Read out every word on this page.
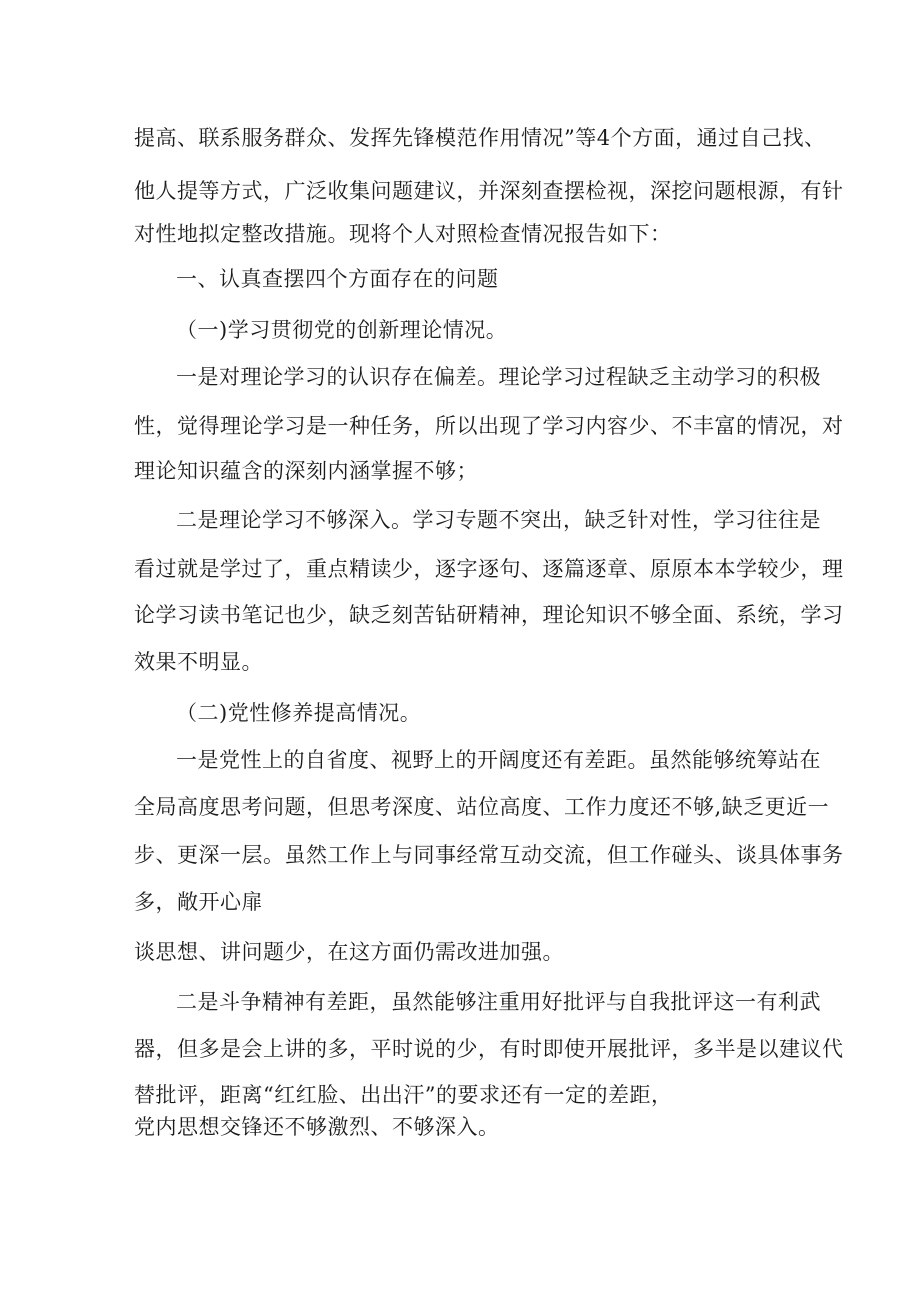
提高、联系服务群众、发挥先锋模范作用情况”等4个方面，通过自己找、
他人提等方式，广泛收集问题建议，并深刻查摆检视，深挖问题根源，有针
对性地拟定整改措施。现将个人对照检查情况报告如下：
一、认真查摆四个方面存在的问题
（一)学习贯彻党的创新理论情况。
一是对理论学习的认识存在偏差。理论学习过程缺乏主动学习的积极
性，觉得理论学习是一种任务，所以出现了学习内容少、不丰富的情况，对
理论知识蕴含的深刻内涵掌握不够；
二是理论学习不够深入。学习专题不突出，缺乏针对性，学习往往是
看过就是学过了，重点精读少，逐字逐句、逐篇逐章、原原本本学较少，理
论学习读书笔记也少，缺乏刻苦钻研精神，理论知识不够全面、系统，学习
效果不明显。
（二)党性修养提高情况。
一是党性上的自省度、视野上的开阔度还有差距。虽然能够统筹站在
全局高度思考问题，但思考深度、站位高度、工作力度还不够,缺乏更近一
步、更深一层。虽然工作上与同事经常互动交流，但工作碰头、谈具体事务
多，敞开心扉
谈思想、讲问题少，在这方面仍需改进加强。
二是斗争精神有差距，虽然能够注重用好批评与自我批评这一有利武
器，但多是会上讲的多，平时说的少，有时即使开展批评，多半是以建议代
替批评，距离“红红脸、出出汗”的要求还有一定的差距，
党内思想交锋还不够激烈、不够深入。
